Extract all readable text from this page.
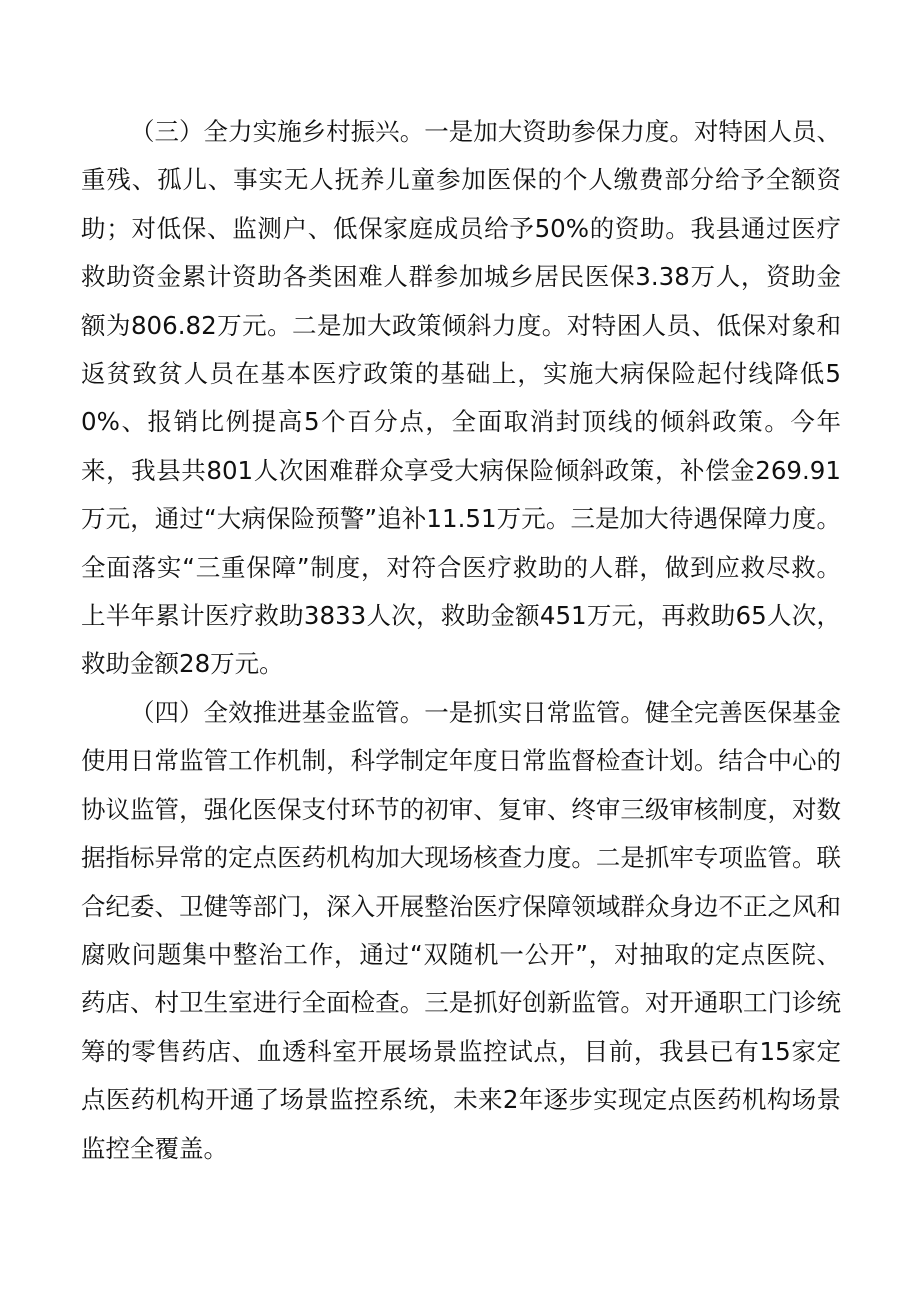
（三）全力实施乡村振兴。一是加大资助参保力度。对特困人员、重残、孤儿、事实无人抚养儿童参加医保的个人缴费部分给予全额资助；对低保、监测户、低保家庭成员给予50%的资助。我县通过医疗救助资金累计资助各类困难人群参加城乡居民医保3.38万人，资助金额为806.82万元。二是加大政策倾斜力度。对特困人员、低保对象和返贫致贫人员在基本医疗政策的基础上，实施大病保险起付线降低50%、报销比例提高5个百分点，全面取消封顶线的倾斜政策。今年来，我县共801人次困难群众享受大病保险倾斜政策，补偿金269.91万元，通过“大病保险预警”追补11.51万元。三是加大待遇保障力度。全面落实“三重保障”制度，对符合医疗救助的人群，做到应救尽救。上半年累计医疗救助3833人次，救助金额451万元，再救助65人次，救助金额28万元。

（四）全效推进基金监管。一是抓实日常监管。健全完善医保基金使用日常监管工作机制，科学制定年度日常监督检查计划。结合中心的协议监管，强化医保支付环节的初审、复审、终审三级审核制度，对数据指标异常的定点医药机构加大现场核查力度。二是抓牢专项监管。联合纪委、卫健等部门，深入开展整治医疗保障领域群众身边不正之风和腐败问题集中整治工作，通过“双随机一公开”，对抽取的定点医院、药店、村卫生室进行全面检查。三是抓好创新监管。对开通职工门诊统筹的零售药店、血透科室开展场景监控试点，目前，我县已有15家定点医药机构开通了场景监控系统，未来2年逐步实现定点医药机构场景监控全覆盖。
